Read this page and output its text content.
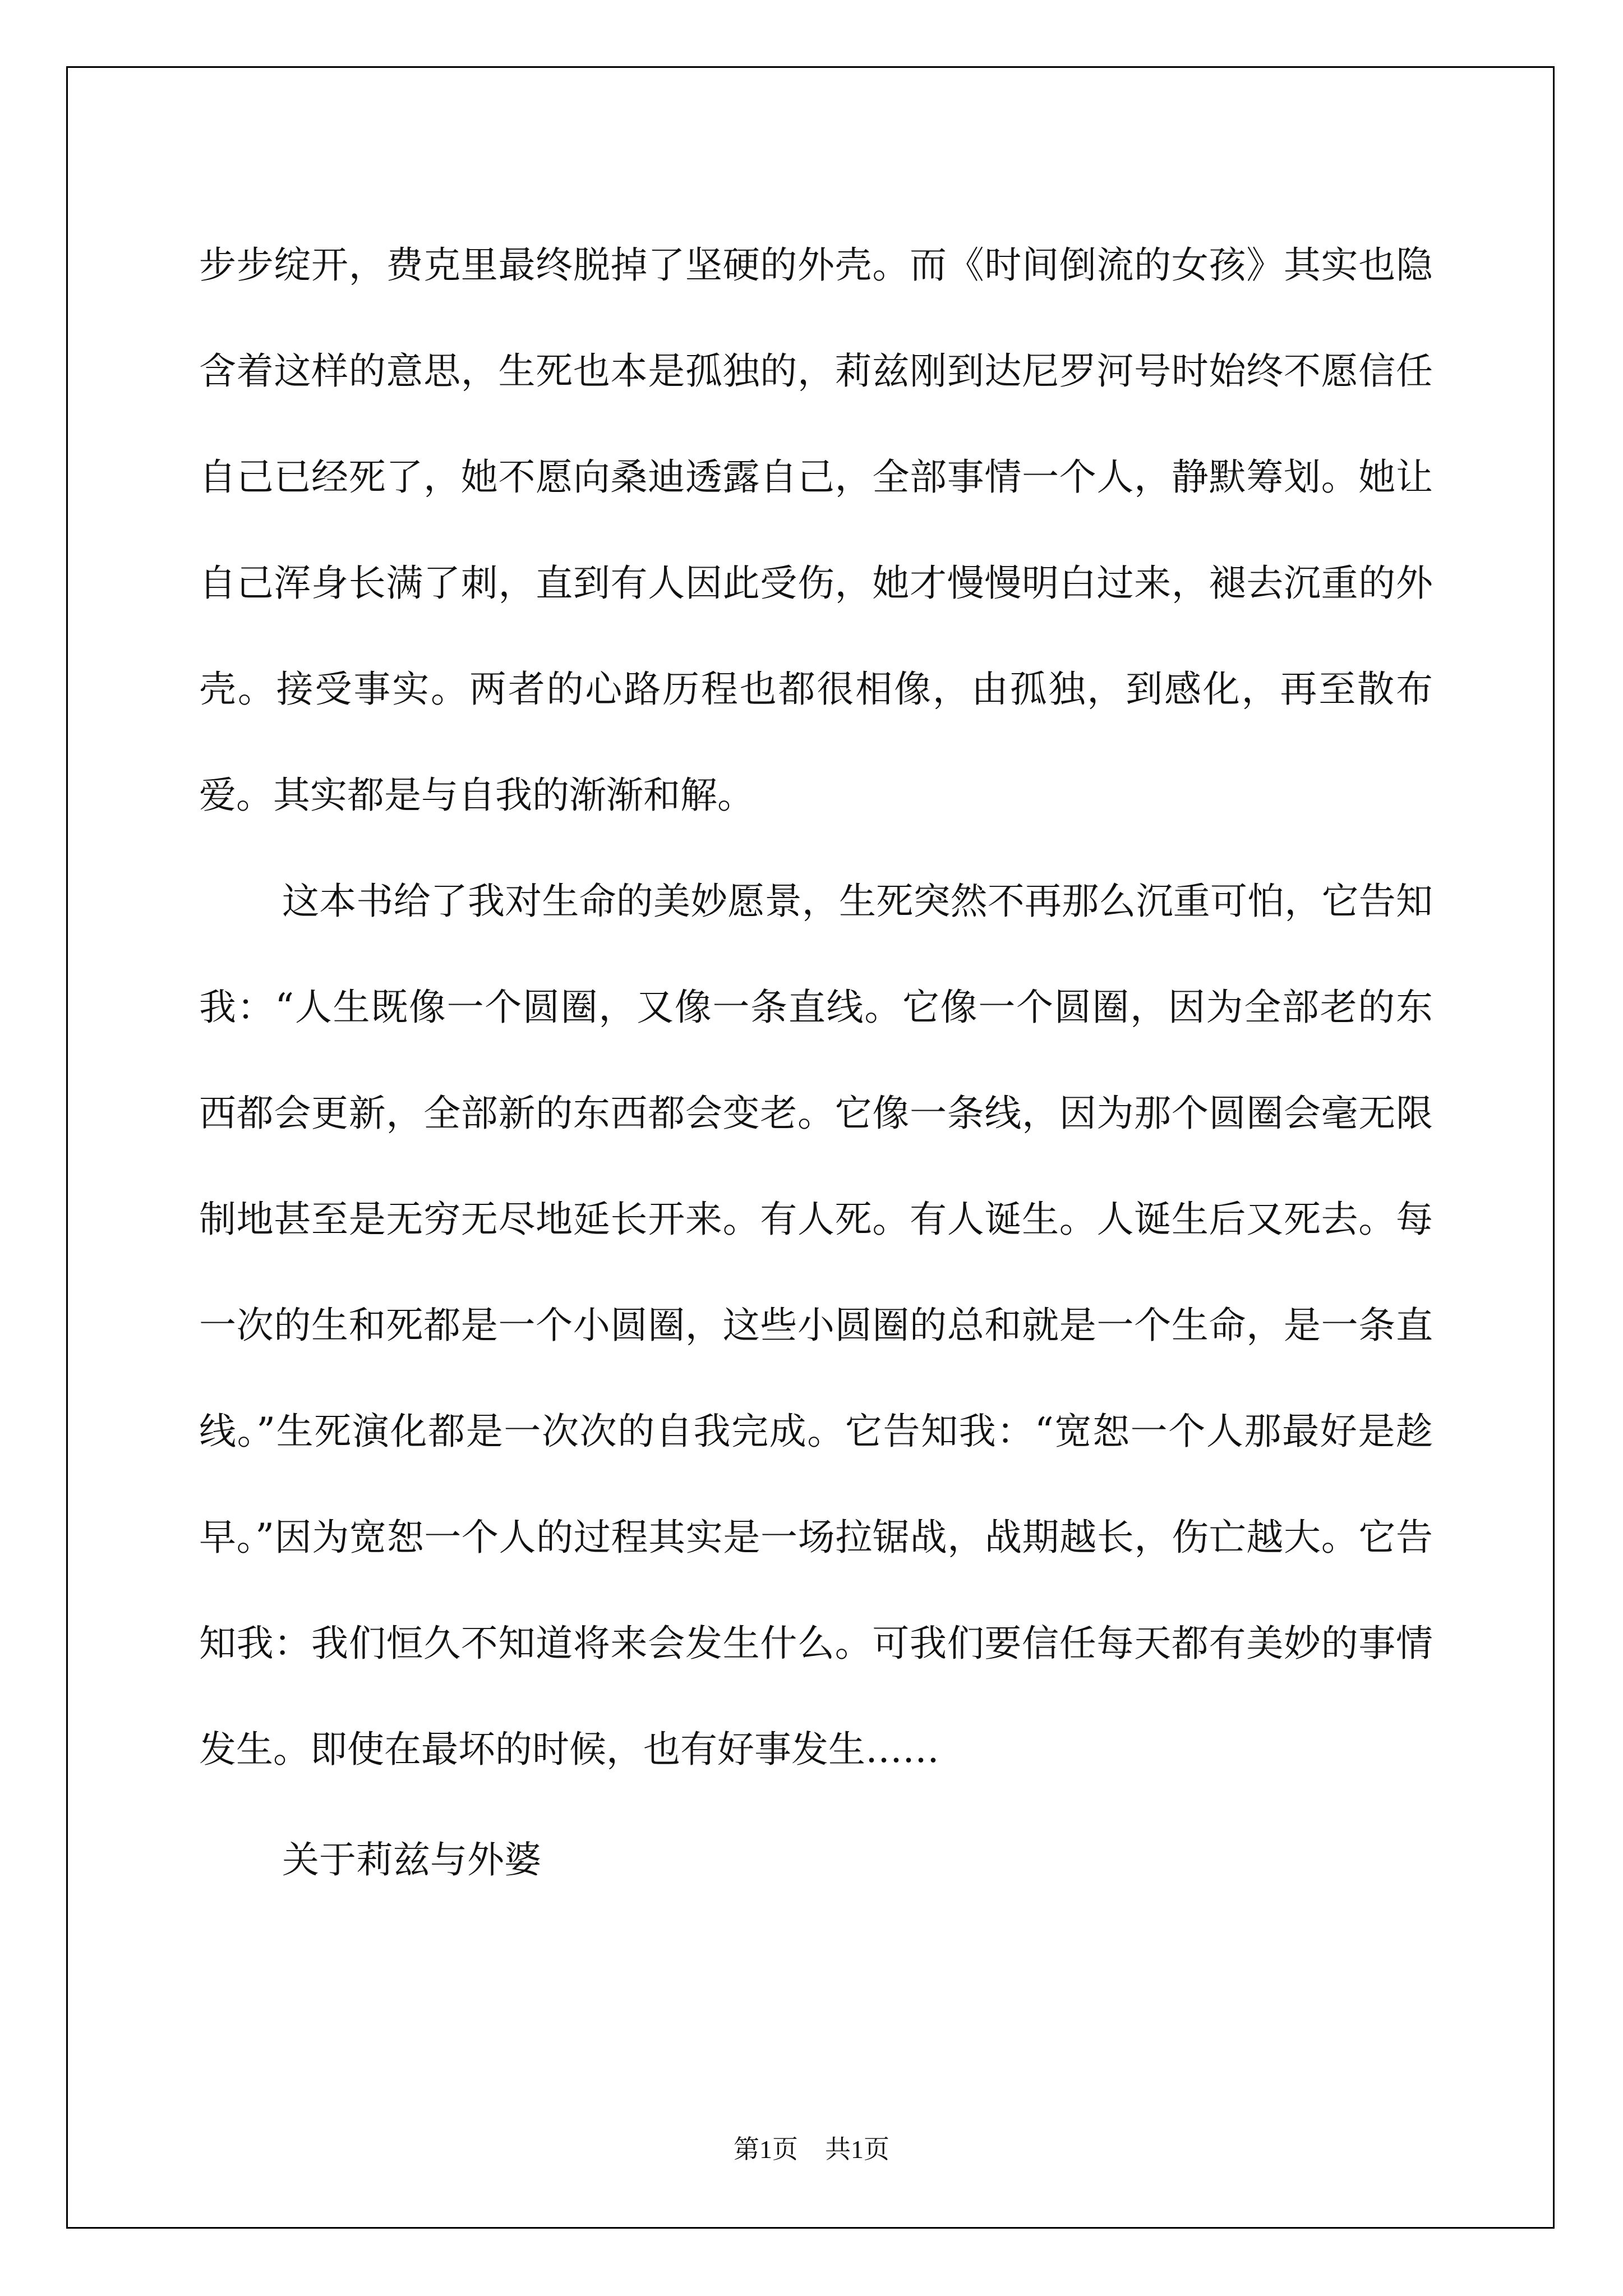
步步绽开，费克里最终脱掉了坚硬的外壳。而《时间倒流的女孩》其实也隐含着这样的意思，生死也本是孤独的，莉兹刚到达尼罗河号时始终不愿信任自己已经死了，她不愿向桑迪透露自己，全部事情一个人，静默筹划。她让自己浑身长满了刺，直到有人因此受伤，她才慢慢明白过来，褪去沉重的外壳。接受事实。两者的心路历程也都很相像，由孤独，到感化，再至散布爱。其实都是与自我的渐渐和解。

这本书给了我对生命的美妙愿景，生死突然不再那么沉重可怕，它告知我：“人生既像一个圆圈，又像一条直线。它像一个圆圈，因为全部老的东西都会更新，全部新的东西都会变老。它像一条线，因为那个圆圈会毫无限制地甚至是无穷无尽地延长开来。有人死。有人诞生。人诞生后又死去。每一次的生和死都是一个小圆圈，这些小圆圈的总和就是一个生命，是一条直线。”生死演化都是一次次的自我完成。它告知我：“宽恕一个人那最好是趁早。”因为宽恕一个人的过程其实是一场拉锯战，战期越长，伤亡越大。它告知我：我们恒久不知道将来会发生什么。可我们要信任每天都有美妙的事情发生。即使在最坏的时候，也有好事发生……

关于莉兹与外婆

第1页 共1页
